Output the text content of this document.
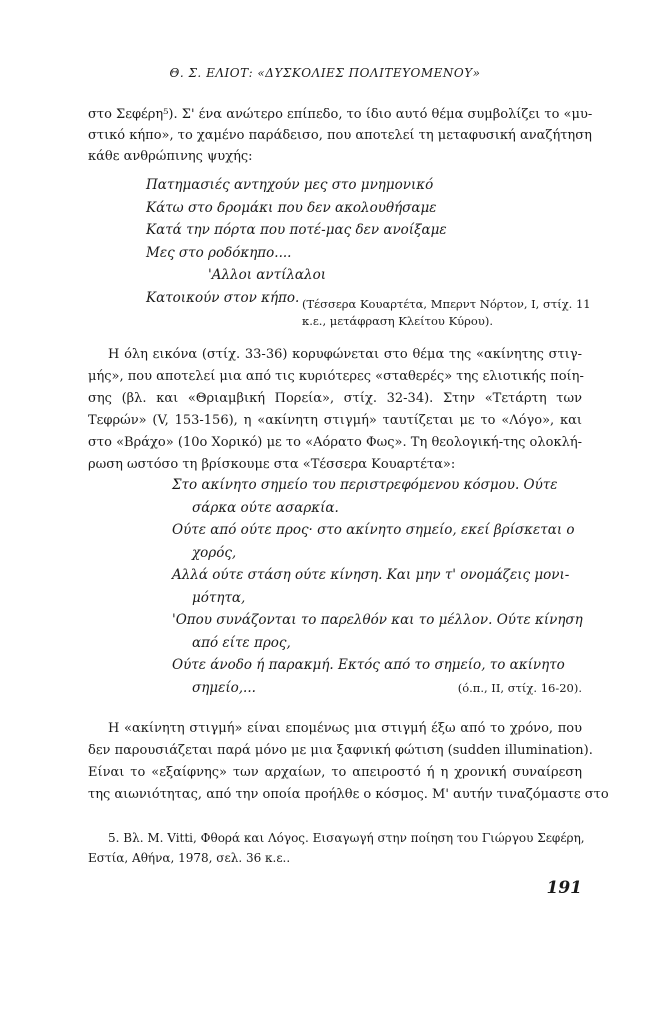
Θ. Σ. ΕΛΙΟΤ: «ΔΥΣΚΟΛΙΕΣ ΠΟΛΙΤΕΥΟΜΕΝΟΥ»
στο Σεφέρη⁵). Σ' ένα ανώτερο επίπεδο, το ίδιο αυτό θέμα συμβολίζει το «μυ-
στικό κήπο», το χαμένο παράδεισο, που αποτελεί τη μεταφυσική αναζήτηση
κάθε ανθρώπινης ψυχής:
Πατημασιές αντηχούν μες στο μνημονικό
Κάτω στο δρομάκι που δεν ακολουθήσαμε
Κατά την πόρτα που ποτέ-μας δεν ανοίξαμε
Μες στο ροδόκηπο....
'Αλλοι αντίλαλοι
Κατοικούν στον κήπο. (Τέσσερα Κουαρτέτα, Μπερντ Νόρτον, I, στίχ. 11
κ.ε., μετάφραση Κλείτου Κύρου).
Η όλη εικόνα (στίχ. 33-36) κορυφώνεται στο θέμα της «ακίνητης στιγ-
μής», που αποτελεί μια από τις κυριότερες «σταθερές» της ελιοτικής ποίη-
σης (βλ. και «Θριαμβική Πορεία», στίχ. 32-34). Στην «Τετάρτη των
Τεφρών» (V, 153-156), η «ακίνητη στιγμή» ταυτίζεται με το «Λόγο», και
στο «Βράχο» (10ο Χορικό) με το «Αόρατο Φως». Τη θεολογική-της ολοκλή-
ρωση ωστόσο τη βρίσκουμε στα «Τέσσερα Κουαρτέτα»:
Στο ακίνητο σημείο του περιστρεφόμενου κόσμου. Ούτε
σάρκα ούτε ασαρκία.
Ούτε από ούτε προς· στο ακίνητο σημείο, εκεί βρίσκεται ο
χορός,
Αλλά ούτε στάση ούτε κίνηση. Και μην τ' ονομάζεις μονι-
μότητα,
'Οπου συνάζονται το παρελθόν και το μέλλον. Ούτε κίνηση
από είτε προς,
Ούτε άνοδο ή παρακμή. Εκτός από το σημείο, το ακίνητο
σημείο,...	(ό.π., II, στίχ. 16-20).
Η «ακίνητη στιγμή» είναι επομένως μια στιγμή έξω από το χρόνο, που
δεν παρουσιάζεται παρά μόνο με μια ξαφνική φώτιση (sudden illumination).
Είναι το «εξαίφνης» των αρχαίων, το απειροστό ή η χρονική συναίρεση
της αιωνιότητας, από την οποία προήλθε ο κόσμος. Μ' αυτήν τιναζόμαστε στο
5. Βλ. M. Vitti, Φθορά και Λόγος. Εισαγωγή στην ποίηση του Γιώργου Σεφέρη,
Εστία, Αθήνα, 1978, σελ. 36 κ.ε..
191
